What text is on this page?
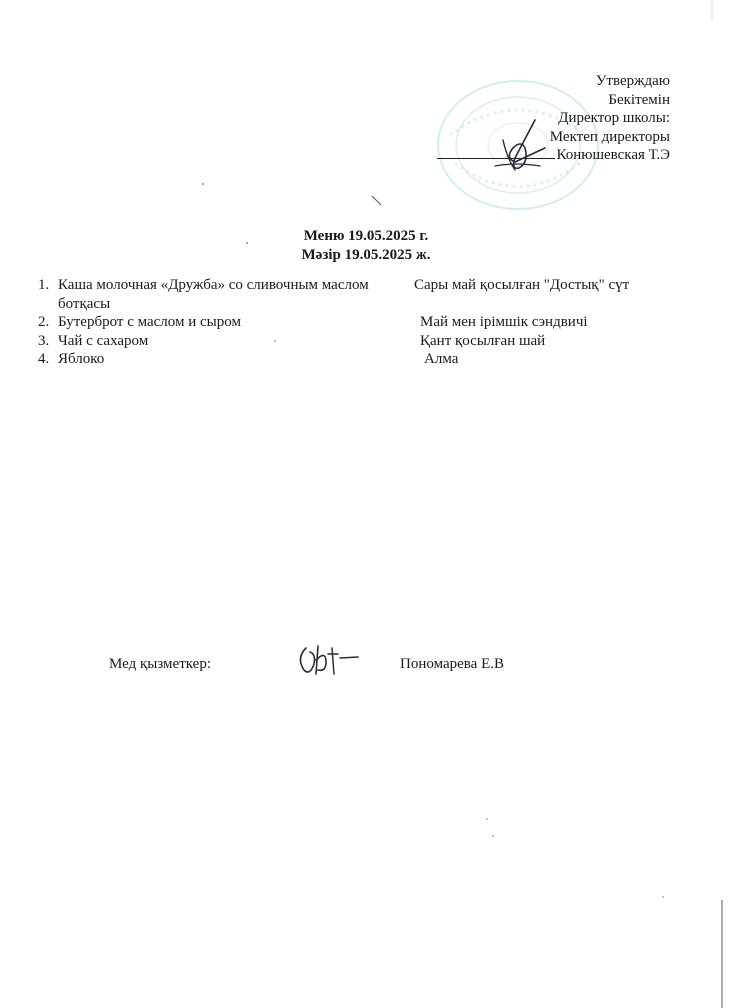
Утверждаю
Бекітемін
Директор школы:
Мектеп директоры
Конюшевская Т.Э
Меню 19.05.2025 г.
Мәзір 19.05.2025 ж.
1. Каша молочная «Дружба» со сливочным маслом	Сары май қосылған "Достық" сүт
ботқасы
2. Бутерброт с маслом и сыром	Май мен ірімшік сэндвичі
3. Чай с сахаром	Қант қосылған шай
4. Яблоко	Алма
Мед қызметкер:	Пономарева Е.В
